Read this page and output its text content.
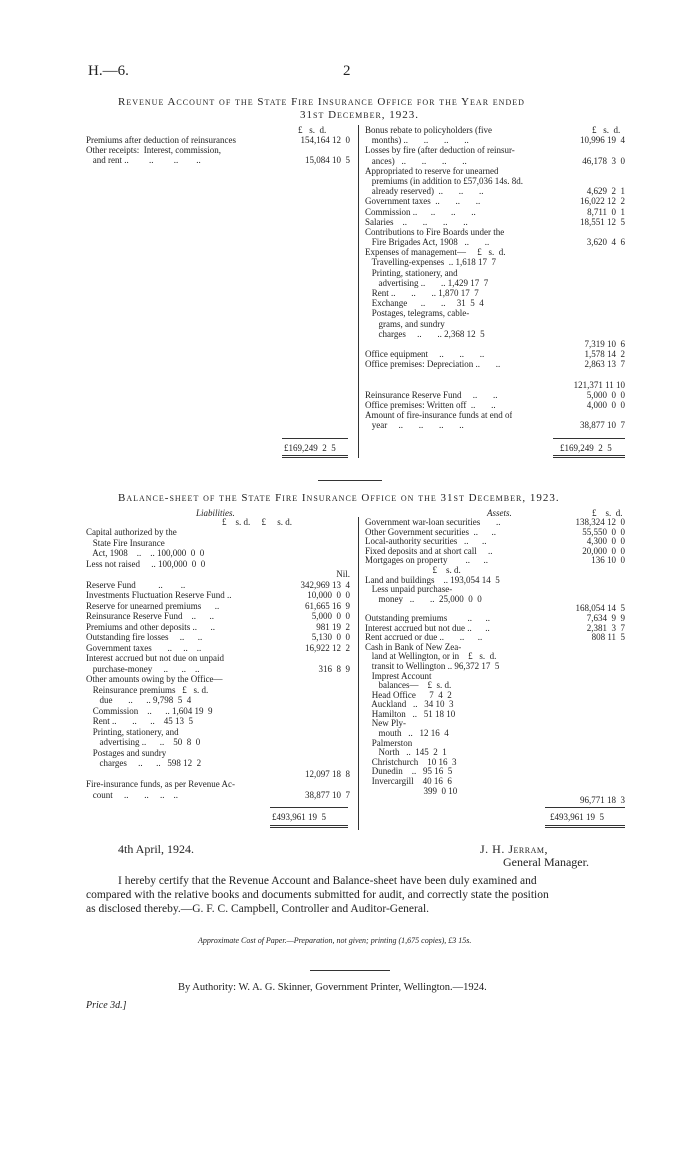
H.—6.	2
Revenue Account of the State Fire Insurance Office for the Year ended
31st December, 1923.
£   s.  d.	£   s.  d.
Premiums after deduction of reinsurances	154,164 12  0
Other receipts:  Interest, commission,
and rent ..         ..         ..        ..	15,084 10  5
Bonus rebate to policyholders (five
months) ..       ..       ..       ..	10,996 19  4
Losses by fire (after deduction of reinsur-
ances)   ..       ..       ..       ..	46,178  3  0
Appropriated to reserve for unearned
premiums (in addition to £57,036 14s. 8d.
already reserved)  ..       ..       ..	4,629  2  1
Government taxes  ..       ..       ..	16,022 12  2
Commission ..      ..       ..       ..	8,711  0  1
Salaries    ..       ..       ..       ..	18,551 12  5
Contributions to Fire Boards under the
Fire Brigades Act, 1908   ..       ..	3,620  4  6
Expenses of management—     £   s.  d.
Travelling-expenses  .. 1,618 17  7
Printing, stationery, and
advertising ..       .. 1,429 17  7
Rent ..       ..       .. 1,870 17  7
Exchange      ..       ..     31  5  4
Postages, telegrams, cable-
grams, and sundry
charges     ..       .. 2,368 12  5
7,319 10  6
Office equipment     ..       ..       ..	1,578 14  2
Office premises: Depreciation ..       ..	2,863 13  7
121,371 11 10
Reinsurance Reserve Fund     ..       ..	5,000  0  0
Office premises: Written off  ..       ..	4,000  0  0
Amount of fire-insurance funds at end of
year     ..       ..       ..       ..	38,877 10  7
£169,249  2  5	£169,249  2  5
Balance-sheet of the State Fire Insurance Office on the 31st December, 1923.
Liabilities.	Assets.
£    s. d.     £     s. d.
£    s.  d.
Capital authorized by the
State Fire Insurance
Act, 1908    ..    .. 100,000  0  0
Less not raised     .. 100,000  0  0
Nil.
Reserve Fund          ..        ..	342,969 13  4
Investments Fluctuation Reserve Fund ..	10,000  0  0
Reserve for unearned premiums      ..	61,665 16  9
Reinsurance Reserve Fund    ..      ..	5,000  0  0
Premiums and other deposits ..      ..	981 19  2
Outstanding fire losses     ..      ..	5,130  0  0
Government taxes       ..     ..    ..	16,922 12  2
Interest accrued but not due on unpaid
purchase-money     ..      ..    ..	316  8  9
Other amounts owing by the Office—
Reinsurance premiums   £   s. d.
due       ..      .. 9,798  5  4
Commission    ..      .. 1,604 19  9
Rent ..       ..      ..    45 13  5
Printing, stationery, and
advertising ..      ..    50  8  0
Postages and sundry
charges     ..      ..   598 12  2
12,097 18  8
Fire-insurance funds, as per Revenue Ac-
count     ..       ..     ..    ..	38,877 10  7
Government war-loan securities       ..	138,324 12  0
Other Government securities  ..      ..	55,550  0  0
Local-authority securities   ..      ..	4,300  0  0
Fixed deposits and at short call     ..	20,000  0  0
Mortgages on property        ..      ..	136 10  0
£    s. d.
Land and buildings    .. 193,054 14  5
Less unpaid purchase-
money   ..       ..  25,000  0  0
168,054 14  5
Outstanding premiums         ..      ..	7,634  9  9
Interest accrued but not due ..      ..	2,381  3  7
Rent accrued or due ..       ..      ..	808 11  5
Cash in Bank of New Zea-
land at Wellington, or in    £   s.  d.
transit to Wellington .. 96,372 17  5
Imprest Account
balances—    £  s. d.
Head Office      7  4  2
Auckland   ..   34 10  3
Hamilton   ..   51 18 10
New Ply-
mouth   ..   12 16  4
Palmerston
North   ..  145  2  1
Christchurch    10 16  3
Dunedin    ..   95 16  5
Invercargill    40 16  6
399  0 10
96,771 18  3
£493,961 19  5	£493,961 19  5
4th April, 1924.	J. H. Jerram,
General Manager.
I hereby certify that the Revenue Account and Balance-sheet have been duly examined and
compared with the relative books and documents submitted for audit, and correctly state the position
as disclosed thereby.—G. F. C. Campbell, Controller and Auditor-General.
Approximate Cost of Paper.—Preparation, not given; printing (1,675 copies), £3 15s.
By Authority: W. A. G. Skinner, Government Printer, Wellington.—1924.
Price 3d.]
